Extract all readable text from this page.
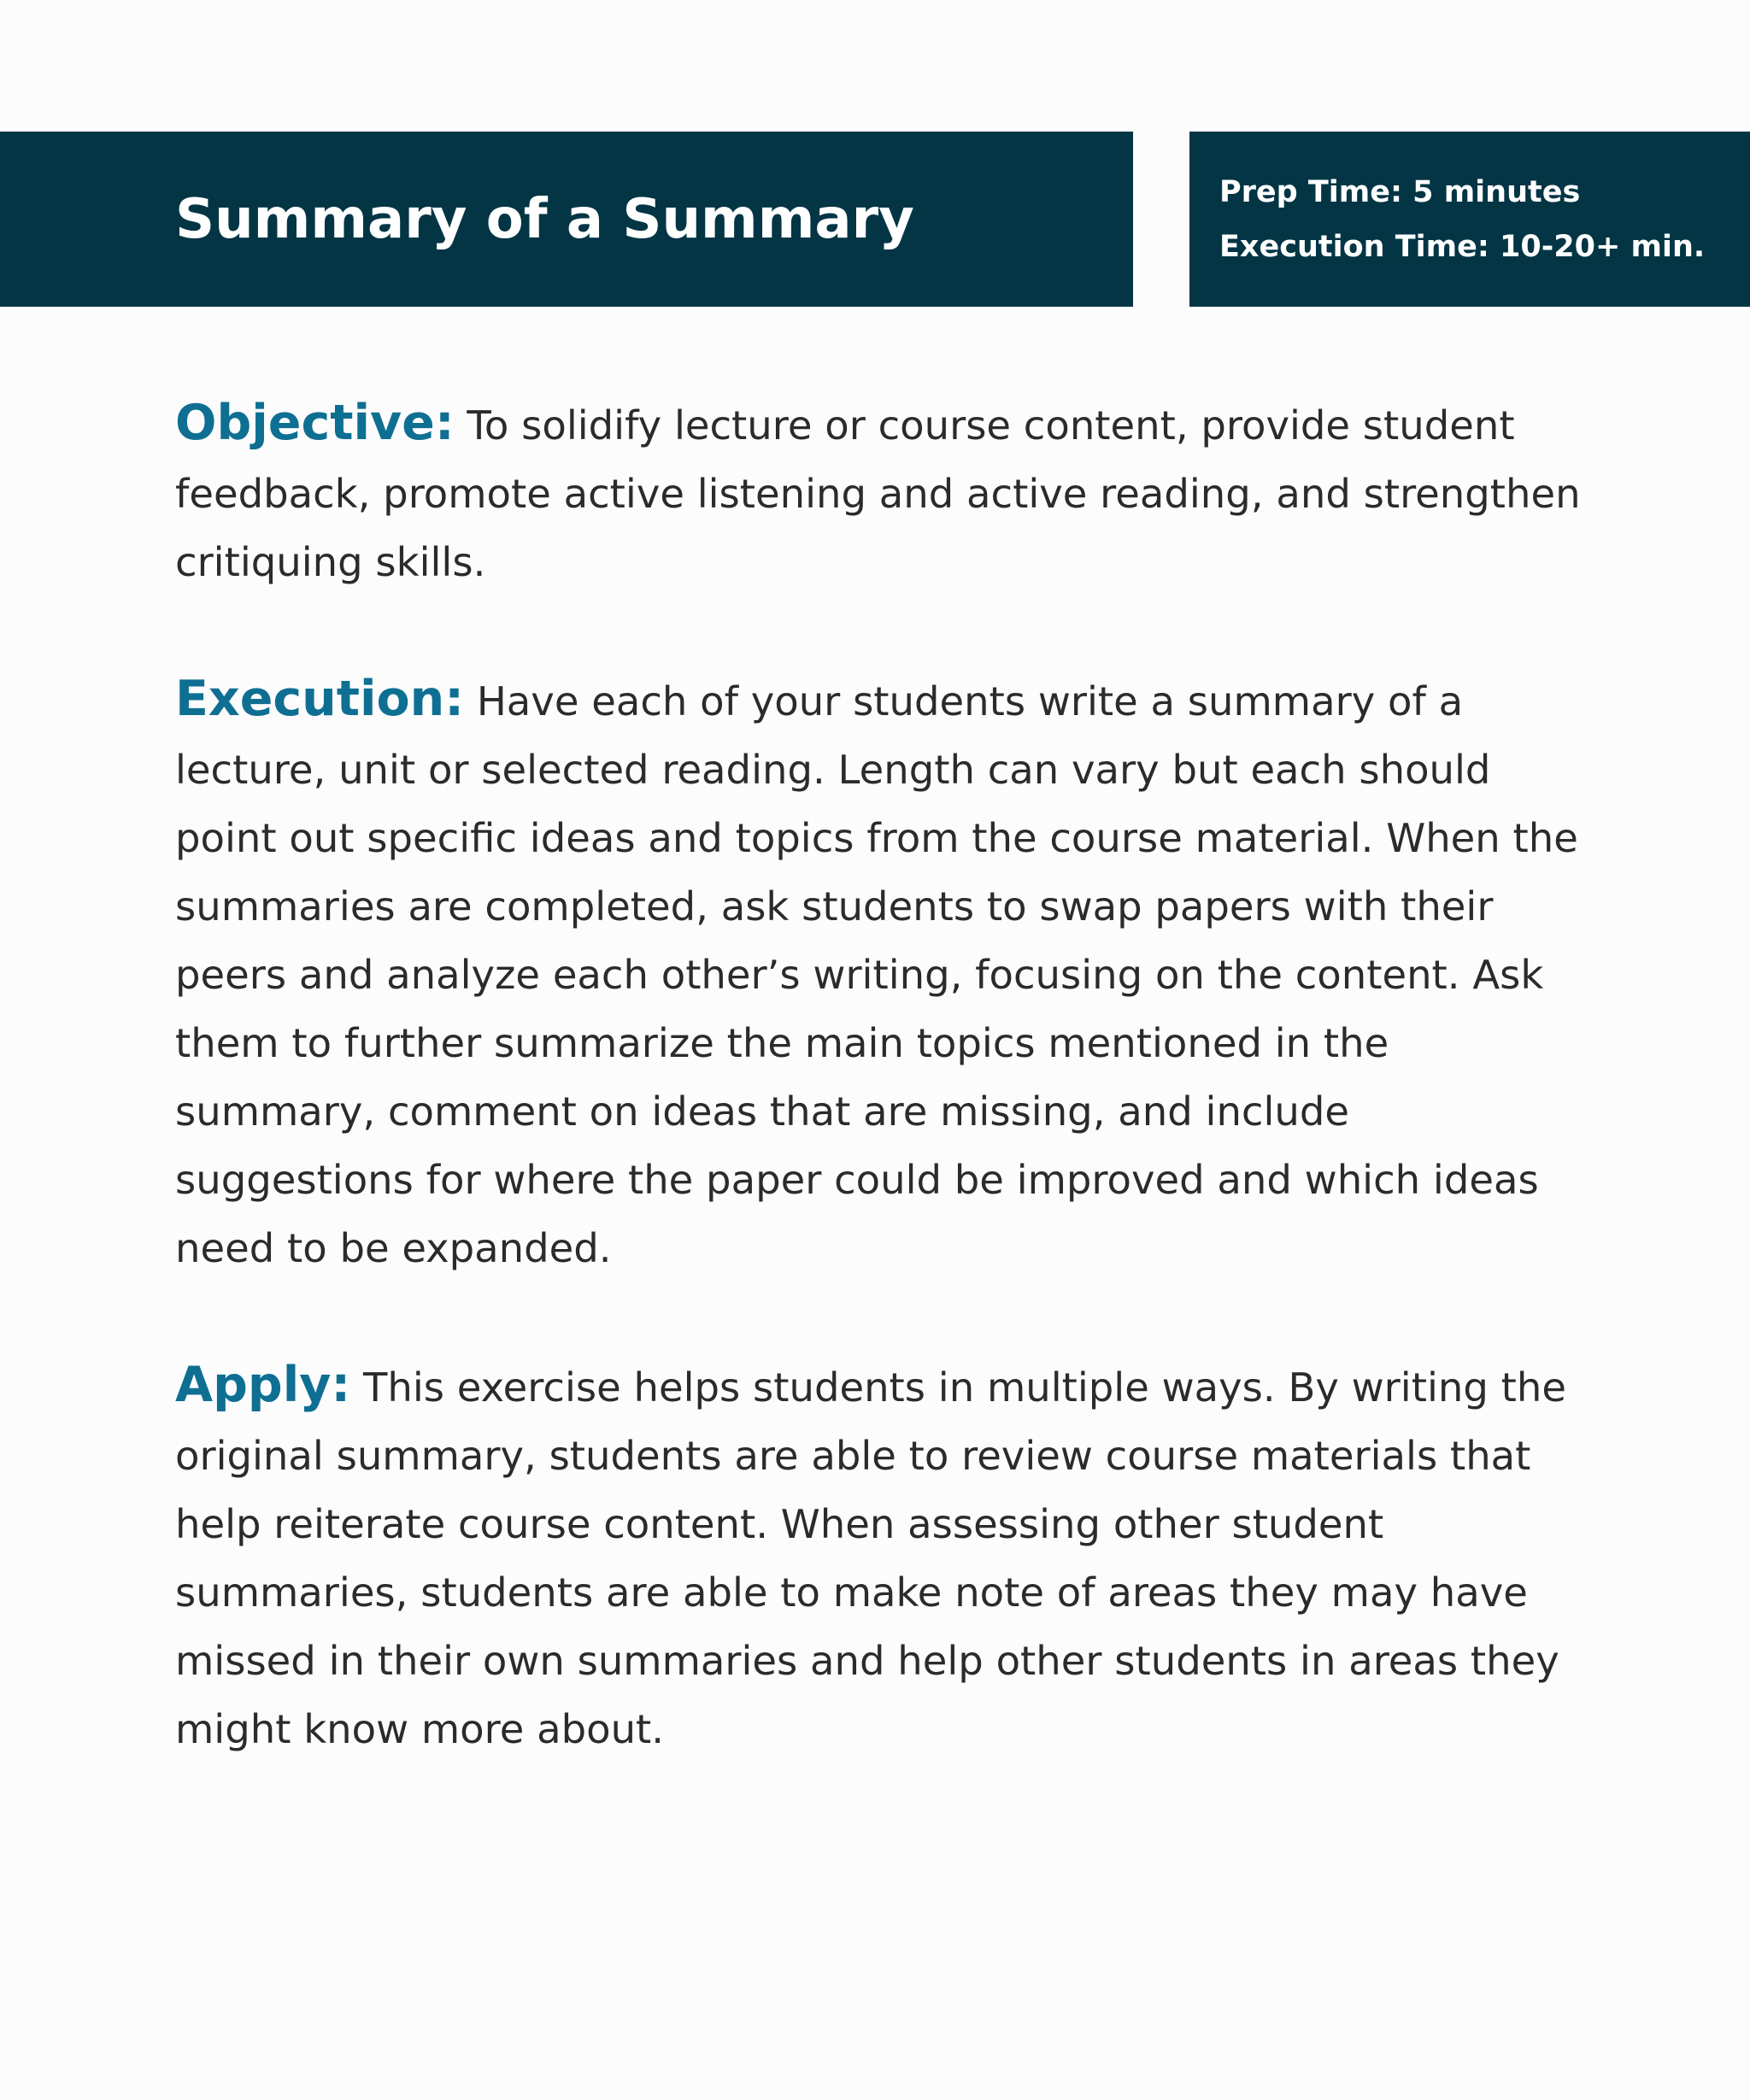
Summary of a Summary	Prep Time: 5 minutes
Execution Time: 10-20+ min.

Objective: To solidify lecture or course content, provide student feedback, promote active listening and active reading, and strengthen critiquing skills.

Execution: Have each of your students write a summary of a lecture, unit or selected reading. Length can vary but each should point out specific ideas and topics from the course material. When the summaries are completed, ask students to swap papers with their peers and analyze each other’s writing, focusing on the content. Ask them to further summarize the main topics mentioned in the summary, comment on ideas that are missing, and include suggestions for where the paper could be improved and which ideas need to be expanded.

Apply: This exercise helps students in multiple ways. By writing the original summary, students are able to review course materials that help reiterate course content. When assessing other student summaries, students are able to make note of areas they may have missed in their own summaries and help other students in areas they might know more about.
